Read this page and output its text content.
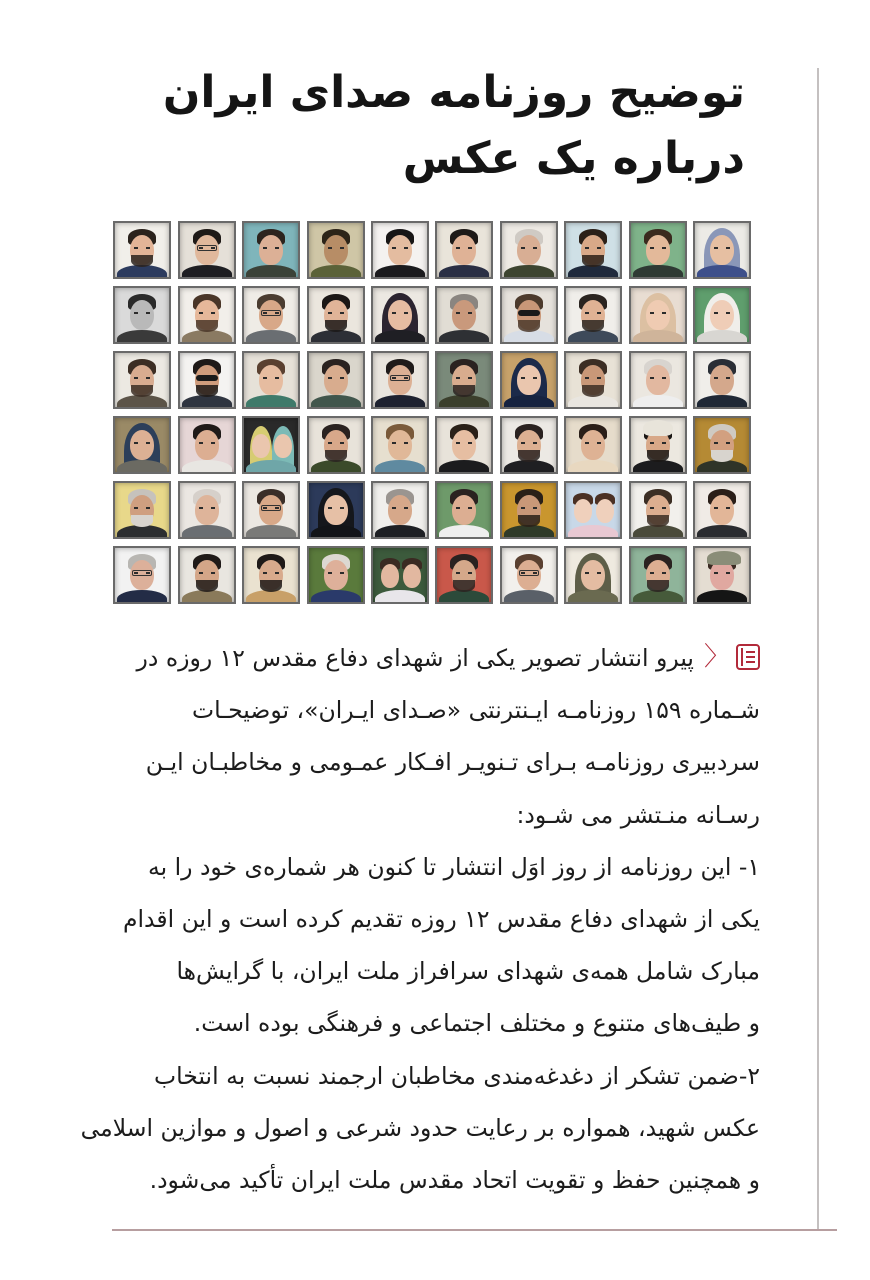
توضیح روزنامه صدای ایران
درباره یک عکس
〈
پیرو انتشار تصویر یکی از شهدای دفاع مقدس ۱۲ روزه در
شـماره ۱۵۹ روزنامـه ایـنترنتی «صـدای ایـران»، توضیحـات
سردبیری روزنامـه بـرای تـنویـر افـکار عمـومی و مخاطبـان ایـن
رسـانه منـتشر می شـود:
۱- این روزنامه از روز اوَل انتشار تا کنون هر شماره‌ی خود را به
یکی از شهدای دفاع مقدس ۱۲ روزه تقدیم کرده است و این اقدام
مبارک شامل همه‌ی شهدای سرافراز ملت ایران، با گرایش‌ها
و طیف‌های متنوع و مختلف اجتماعی و فرهنگی بوده است.
۲-ضمن تشکر از دغدغه‌مندی مخاطبان ارجمند نسبت به انتخاب
عکس شهید، همواره بر رعایت حدود شرعی و اصول و موازین اسلامی
و همچنین حفظ و تقویت اتحاد مقدس ملت ایران تأکید می‌شود.
